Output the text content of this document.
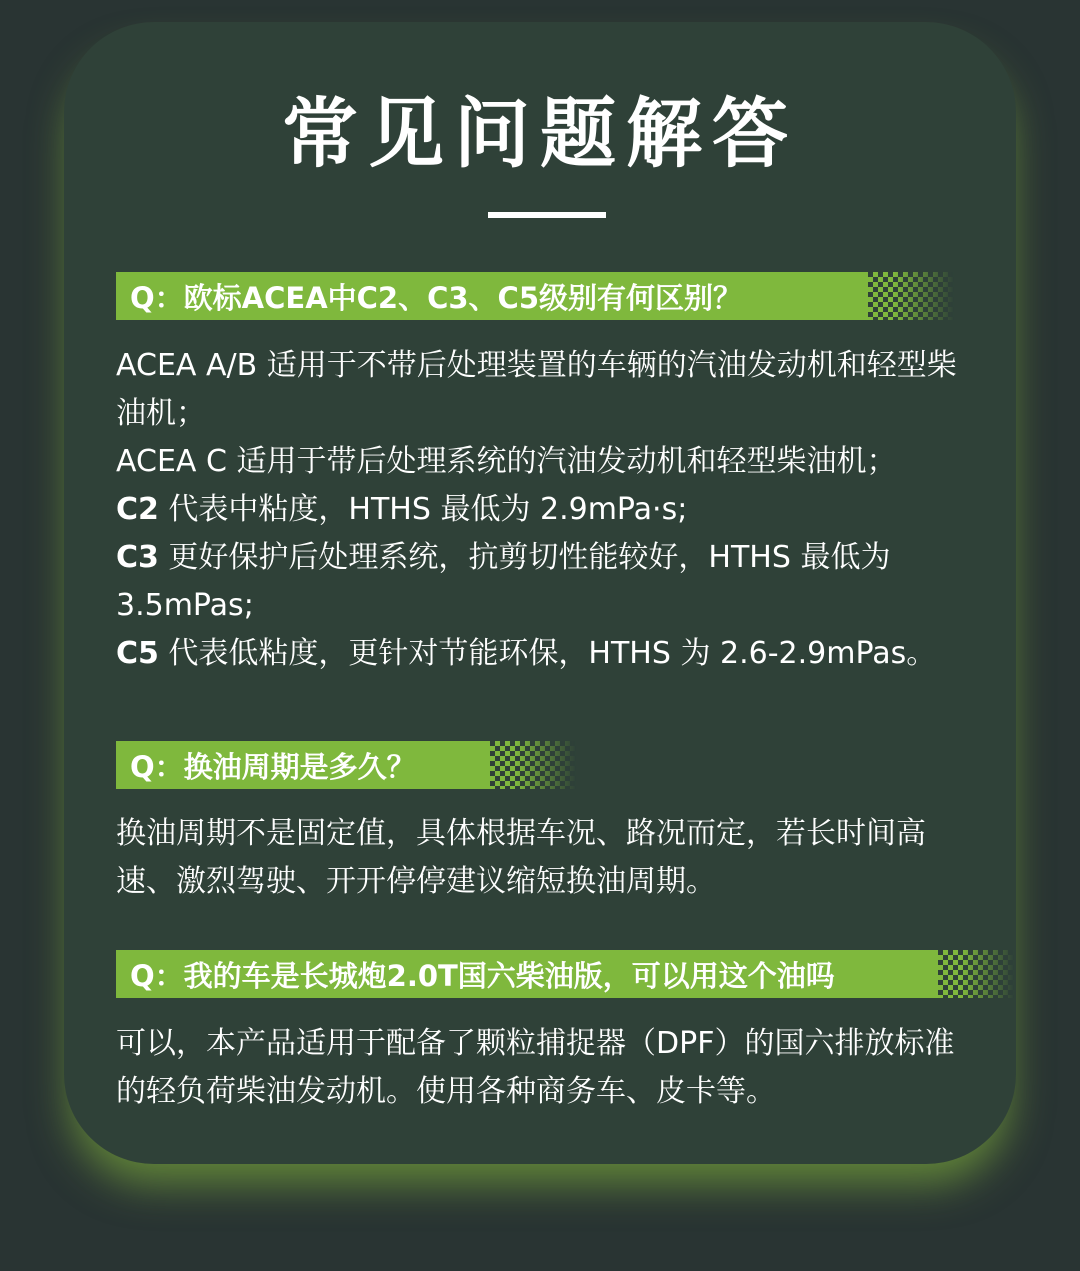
常见问题解答
Q：欧标ACEA中C2、C3、C5级别有何区别？

ACEA A/B 适用于不带后处理装置的车辆的汽油发动机和轻型柴油机；

ACEA C 适用于带后处理系统的汽油发动机和轻型柴油机；

C2 代表中粘度，HTHS 最低为 2.9mPa·s;

C3 更好保护后处理系统，抗剪切性能较好，HTHS 最低为 3.5mPas;

C5 代表低粘度，更针对节能环保，HTHS 为 2.6-2.9mPas。

Q：换油周期是多久？

换油周期不是固定值，具体根据车况、路况而定，若长时间高速、激烈驾驶、开开停停建议缩短换油周期。

Q：我的车是长城炮2.0T国六柴油版，可以用这个油吗

可以，本产品适用于配备了颗粒捕捉器（DPF）的国六排放标准的轻负荷柴油发动机。使用各种商务车、皮卡等。
